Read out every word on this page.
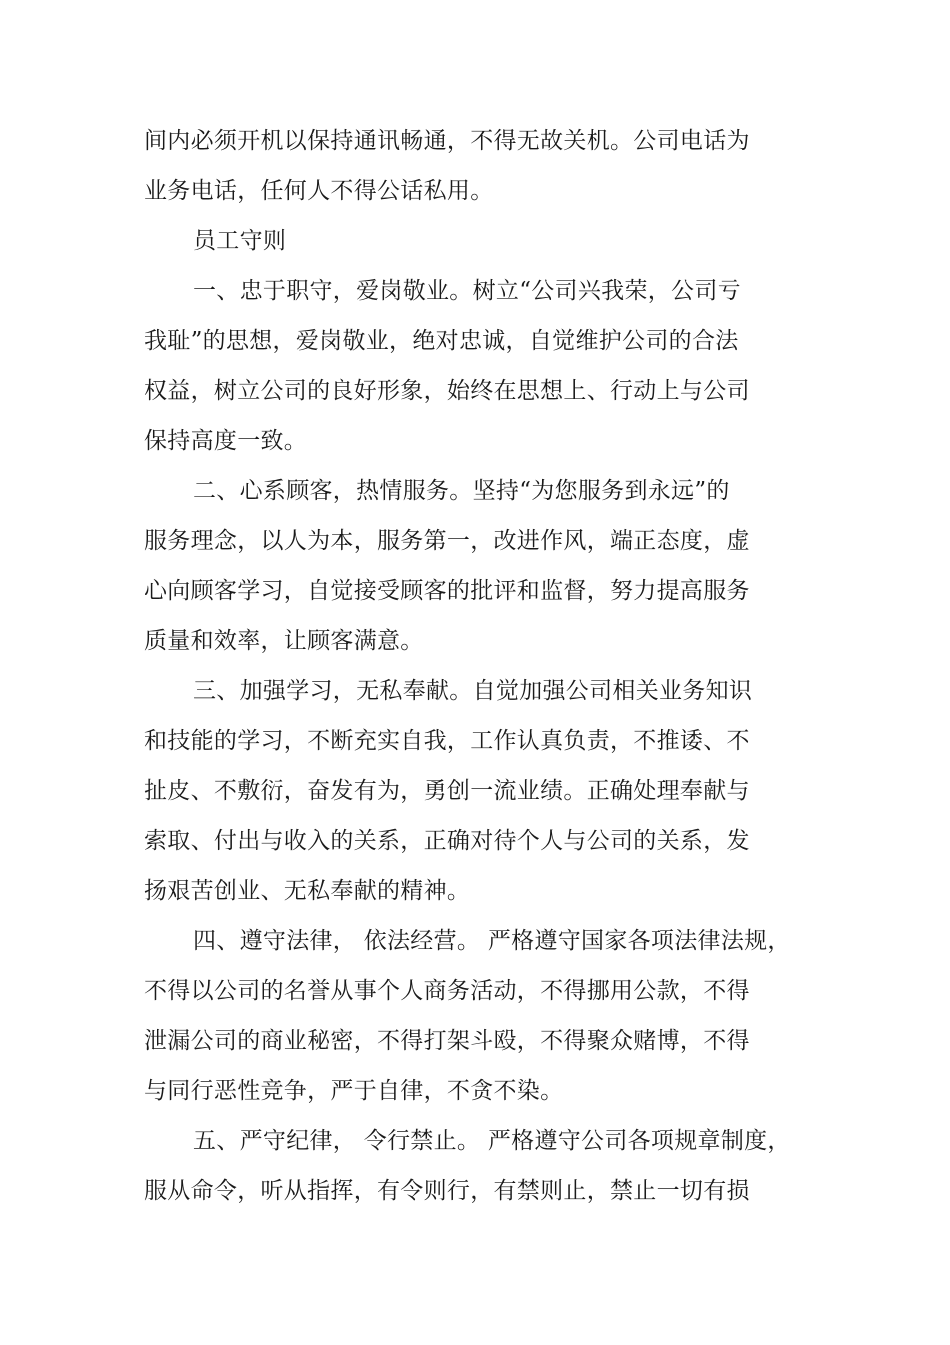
间内必须开机以保持通讯畅通，不得无故关机。公司电话为
业务电话，任何人不得公话私用。
员工守则
一、忠于职守，爱岗敬业。树立“公司兴我荣，公司亏
我耻”的思想，爱岗敬业，绝对忠诚，自觉维护公司的合法
权益，树立公司的良好形象，始终在思想上、行动上与公司
保持高度一致。
二、心系顾客，热情服务。坚持“为您服务到永远”的
服务理念，以人为本，服务第一，改进作风，端正态度，虚
心向顾客学习，自觉接受顾客的批评和监督，努力提高服务
质量和效率，让顾客满意。
三、加强学习，无私奉献。自觉加强公司相关业务知识
和技能的学习，不断充实自我，工作认真负责，不推诿、不
扯皮、不敷衍，奋发有为，勇创一流业绩。正确处理奉献与
索取、付出与收入的关系，正确对待个人与公司的关系，发
扬艰苦创业、无私奉献的精神。
四、遵守法律， 依法经营。 严格遵守国家各项法律法规，
不得以公司的名誉从事个人商务活动，不得挪用公款，不得
泄漏公司的商业秘密，不得打架斗殴，不得聚众赌博，不得
与同行恶性竞争，严于自律，不贪不染。
五、严守纪律， 令行禁止。 严格遵守公司各项规章制度，
服从命令，听从指挥，有令则行，有禁则止，禁止一切有损
